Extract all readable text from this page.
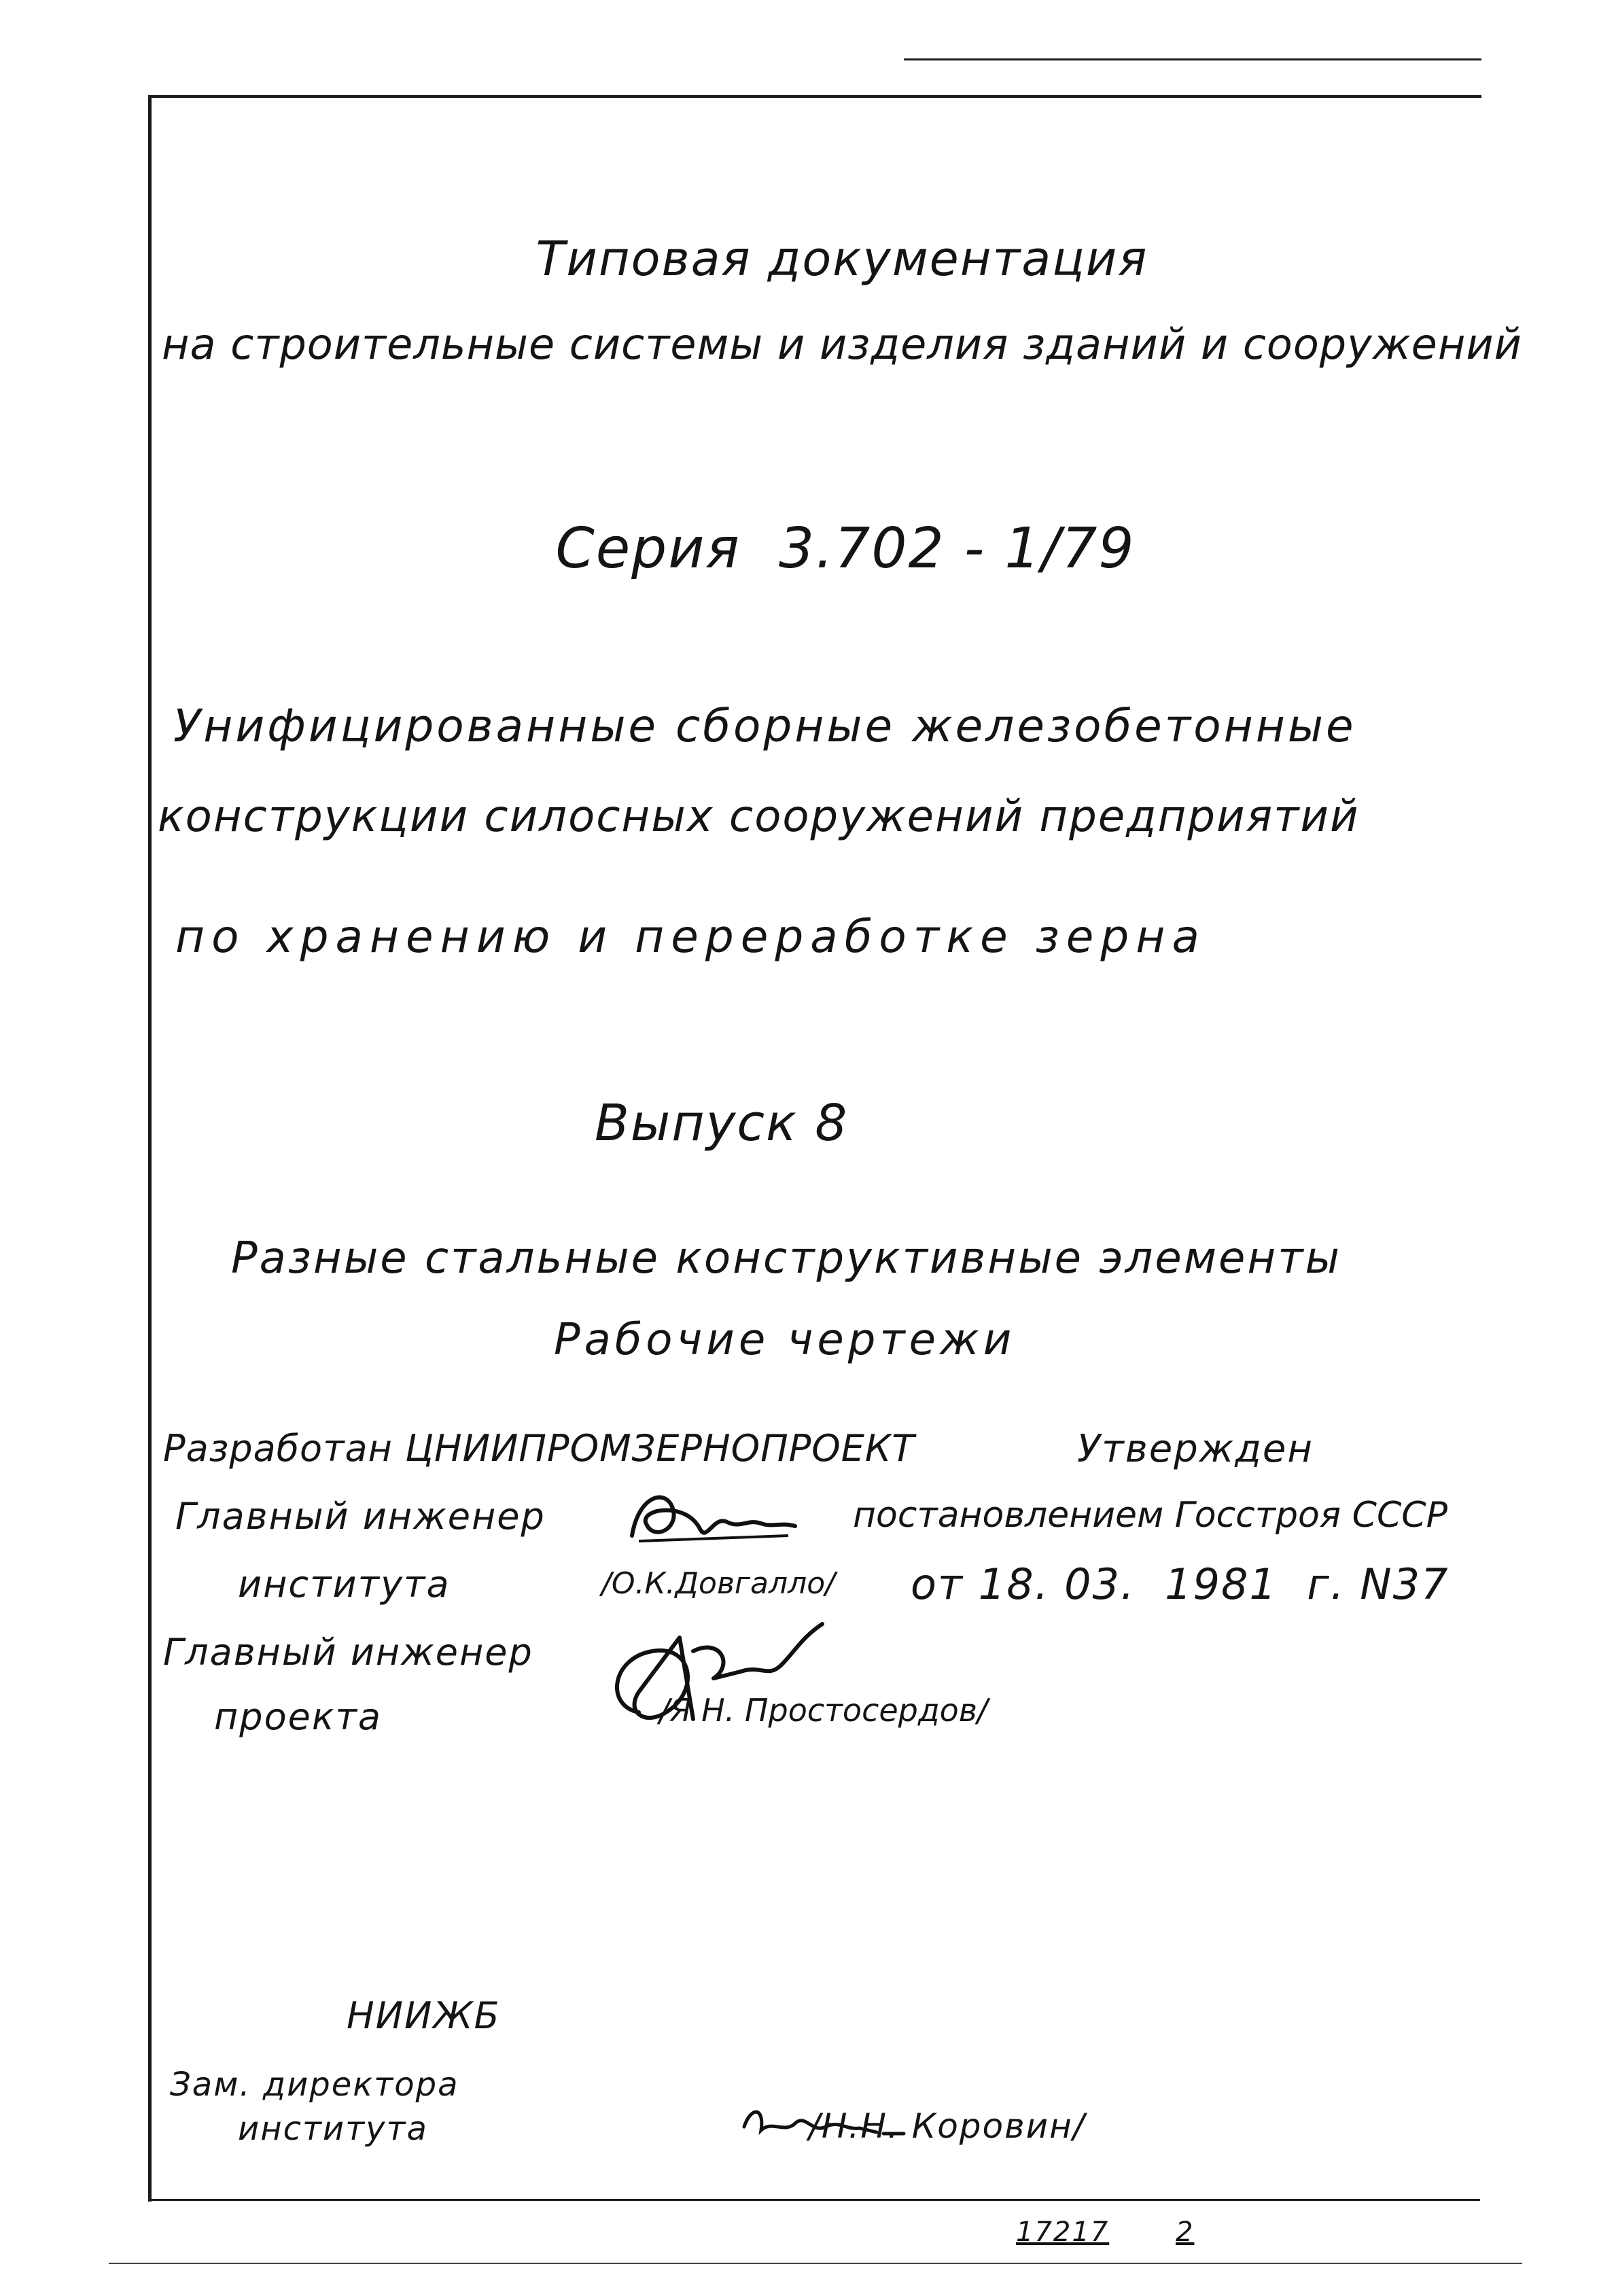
Типовая документация
на строительные системы и изделия зданий и сооружений
Серия  3.702 - 1/79
Унифицированные сборные железобетонные
конструкции силосных сооружений предприятий
по хранению и переработке зерна
Выпуск 8
Разные стальные конструктивные элементы
Рабочие чертежи
Разработан ЦНИИПРОМЗЕРНОПРОЕКТ
Главный инженер
института	/О.К.Довгалло/
Главный инженер
проекта	/Я Н. Простосердов/
Утвержден
постановлением Госстроя СССР
от 18. 03.  1981  г. N37
НИИЖБ
Зам. директора
института	/Н.Н. Коровин/
17217 2
